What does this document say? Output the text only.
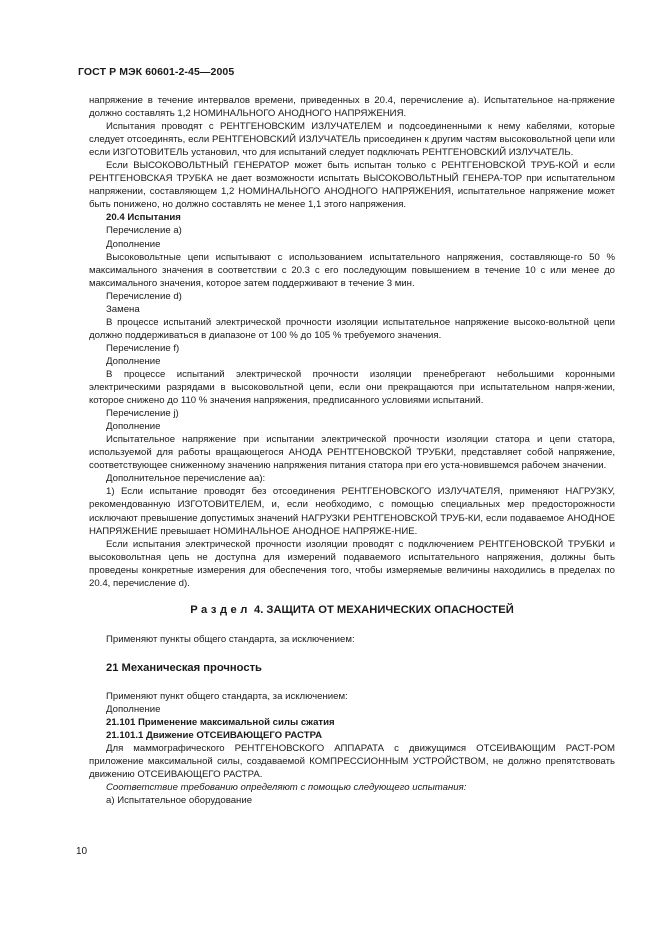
ГОСТ Р МЭК 60601-2-45—2005

напряжение в течение интервалов времени, приведенных в 20.4, перечисление а). Испытательное на-пряжение должно составлять 1,2 НОМИНАЛЬНОГО АНОДНОГО НАПРЯЖЕНИЯ.

Испытания проводят с РЕНТГЕНОВСКИМ ИЗЛУЧАТЕЛЕМ и подсоединенными к нему кабелями, которые следует отсоединять, если РЕНТГЕНОВСКИЙ ИЗЛУЧАТЕЛЬ присоединен к другим частям высоковольтной цепи или если ИЗГОТОВИТЕЛЬ установил, что для испытаний следует подключать РЕНТГЕНОВСКИЙ ИЗЛУЧАТЕЛЬ.

Если ВЫСОКОВОЛЬТНЫЙ ГЕНЕРАТОР может быть испытан только с РЕНТГЕНОВСКОЙ ТРУБ-КОЙ и если РЕНТГЕНОВСКАЯ ТРУБКА не дает возможности испытать ВЫСОКОВОЛЬТНЫЙ ГЕНЕРА-ТОР при испытательном напряжении, составляющем 1,2 НОМИНАЛЬНОГО АНОДНОГО НАПРЯЖЕНИЯ, испытательное напряжение может быть понижено, но должно составлять не менее 1,1 этого напряжения.

20.4 Испытания

Перечисление а)

Дополнение

Высоковольтные цепи испытывают с использованием испытательного напряжения, составляюще-го 50 % максимального значения в соответствии с 20.3 с его последующим повышением в течение 10 с или менее до максимального значения, которое затем поддерживают в течение 3 мин.

Перечисление d)

Замена

В процессе испытаний электрической прочности изоляции испытательное напряжение высоко-вольтной цепи должно поддерживаться в диапазоне от 100 % до 105 % требуемого значения.

Перечисление f)

Дополнение

В процессе испытаний электрической прочности изоляции пренебрегают небольшими коронными электрическими разрядами в высоковольтной цепи, если они прекращаются при испытательном напря-жении, которое снижено до 110 % значения напряжения, предписанного условиями испытаний.

Перечисление j)

Дополнение

Испытательное напряжение при испытании электрической прочности изоляции статора и цепи статора, используемой для работы вращающегося АНОДА РЕНТГЕНОВСКОЙ ТРУБКИ, представляет собой напряжение, соответствующее сниженному значению напряжения питания статора при его уста-новившемся рабочем значении.

Дополнительное перечисление аа):

1) Если испытание проводят без отсоединения РЕНТГЕНОВСКОГО ИЗЛУЧАТЕЛЯ, применяют НАГРУЗКУ, рекомендованную ИЗГОТОВИТЕЛЕМ, и, если необходимо, с помощью специальных мер предосторожности исключают превышение допустимых значений НАГРУЗКИ РЕНТГЕНОВСКОЙ ТРУБ-КИ, если подаваемое АНОДНОЕ НАПРЯЖЕНИЕ превышает НОМИНАЛЬНОЕ АНОДНОЕ НАПРЯЖЕ-НИЕ.

Если испытания электрической прочности изоляции проводят с подключением РЕНТГЕНОВСКОЙ ТРУБКИ и высоковольтная цепь не доступна для измерений подаваемого испытательного напряжения, должны быть проведены конкретные измерения для обеспечения того, чтобы измеряемые величины находились в пределах по 20.4, перечисление d).

Раздел 4. ЗАЩИТА ОТ МЕХАНИЧЕСКИХ ОПАСНОСТЕЙ

Применяют пункты общего стандарта, за исключением:

21 Механическая прочность

Применяют пункт общего стандарта, за исключением:

Дополнение

21.101 Применение максимальной силы сжатия

21.101.1 Движение ОТСЕИВАЮЩЕГО РАСТРА

Для маммографического РЕНТГЕНОВСКОГО АППАРАТА с движущимся ОТСЕИВАЮЩИМ РАСТ-РОМ приложение максимальной силы, создаваемой КОМПРЕССИОННЫМ УСТРОЙСТВОМ, не должно препятствовать движению ОТСЕИВАЮЩЕГО РАСТРА.

Соответствие требованию определяют с помощью следующего испытания:

а) Испытательное оборудование

10
